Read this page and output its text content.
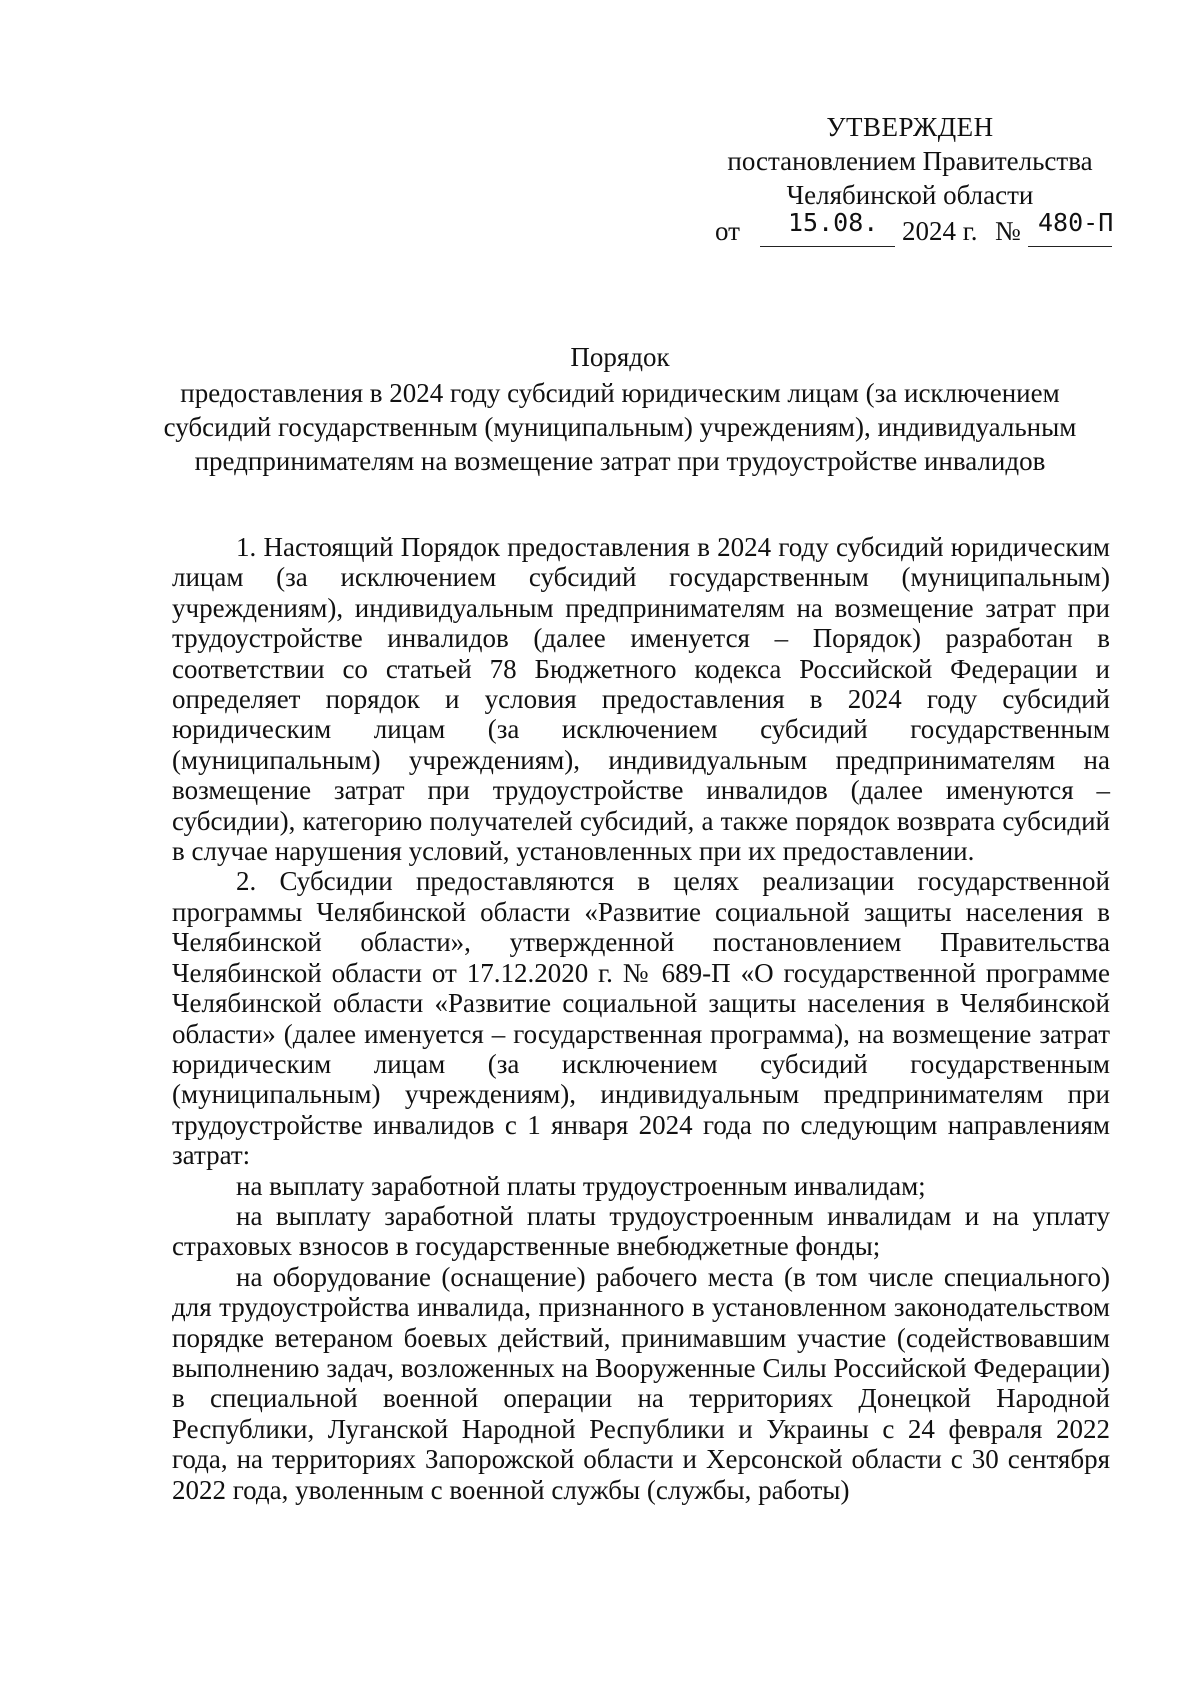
УТВЕРЖДЕН
постановлением Правительства
Челябинской области
от 15.08. 2024 г. № 480-П
Порядок
предоставления в 2024 году субсидий юридическим лицам (за исключением
субсидий государственным (муниципальным) учреждениям), индивидуальным
предпринимателям на возмещение затрат при трудоустройстве инвалидов

1. Настоящий Порядок предоставления в 2024 году субсидий юридическим лицам (за исключением субсидий государственным (муниципальным) учреждениям), индивидуальным предпринимателям на возмещение затрат при трудоустройстве инвалидов (далее именуется – Порядок) разработан в соответствии со статьей 78 Бюджетного кодекса Российской Федерации и определяет порядок и условия предоставления в 2024 году субсидий юридическим лицам (за исключением субсидий государственным (муниципальным) учреждениям), индивидуальным предпринимателям на возмещение затрат при трудоустройстве инвалидов (далее именуются – субсидии), категорию получателей субсидий, а также порядок возврата субсидий в случае нарушения условий, установленных при их предоставлении.

2. Субсидии предоставляются в целях реализации государственной программы Челябинской области «Развитие социальной защиты населения в Челябинской области», утвержденной постановлением Правительства Челябинской области от 17.12.2020 г. № 689-П «О государственной программе Челябинской области «Развитие социальной защиты населения в Челябинской области» (далее именуется – государственная программа), на возмещение затрат юридическим лицам (за исключением субсидий государственным (муниципальным) учреждениям), индивидуальным предпринимателям при трудоустройстве инвалидов с 1 января 2024 года по следующим направлениям затрат:

на выплату заработной платы трудоустроенным инвалидам;

на выплату заработной платы трудоустроенным инвалидам и на уплату страховых взносов в государственные внебюджетные фонды;

на оборудование (оснащение) рабочего места (в том числе специального) для трудоустройства инвалида, признанного в установленном законодательством порядке ветераном боевых действий, принимавшим участие (содействовавшим выполнению задач, возложенных на Вооруженные Силы Российской Федерации) в специальной военной операции на территориях Донецкой Народной Республики, Луганской Народной Республики и Украины с 24 февраля 2022 года, на территориях Запорожской области и Херсонской области с 30 сентября 2022 года, уволенным с военной службы (службы, работы)
